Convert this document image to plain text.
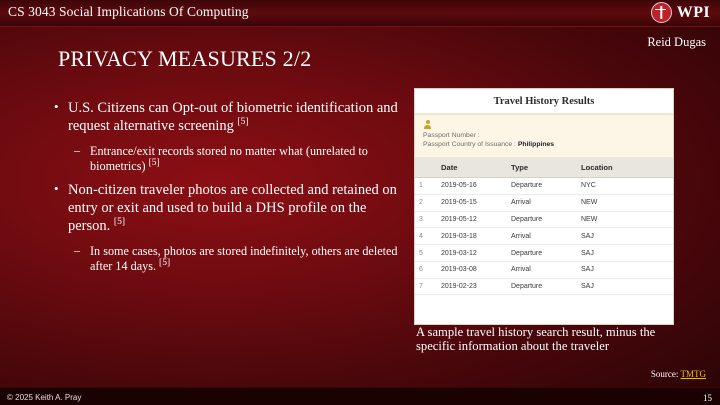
CS 3043 Social Implications Of Computing	WPI
Reid Dugas
PRIVACY MEASURES 2/2
• U.S. Citizens can Opt-out of biometric identification and request alternative screening [5]
– Entrance/exit records stored no matter what (unrelated to biometrics) [5]
• Non-citizen traveler photos are collected and retained on entry or exit and used to build a DHS profile on the person. [5]
– In some cases, photos are stored indefinitely, others are deleted after 14 days. [5]
Travel History Results
Passport Number :
Passport Country of Issuance : Philippines
	Date	Type	Location
1	2019-05-16	Departure	NYC
2	2019-05-15	Arrival	NEW
3	2019-05-12	Departure	NEW
4	2019-03-18	Arrival	SAJ
5	2019-03-12	Departure	SAJ
6	2019-03-08	Arrival	SAJ
7	2019-02-23	Departure	SAJ
A sample travel history search result, minus the specific information about the traveler
Source: TMTG
© 2025 Keith A. Pray	15
